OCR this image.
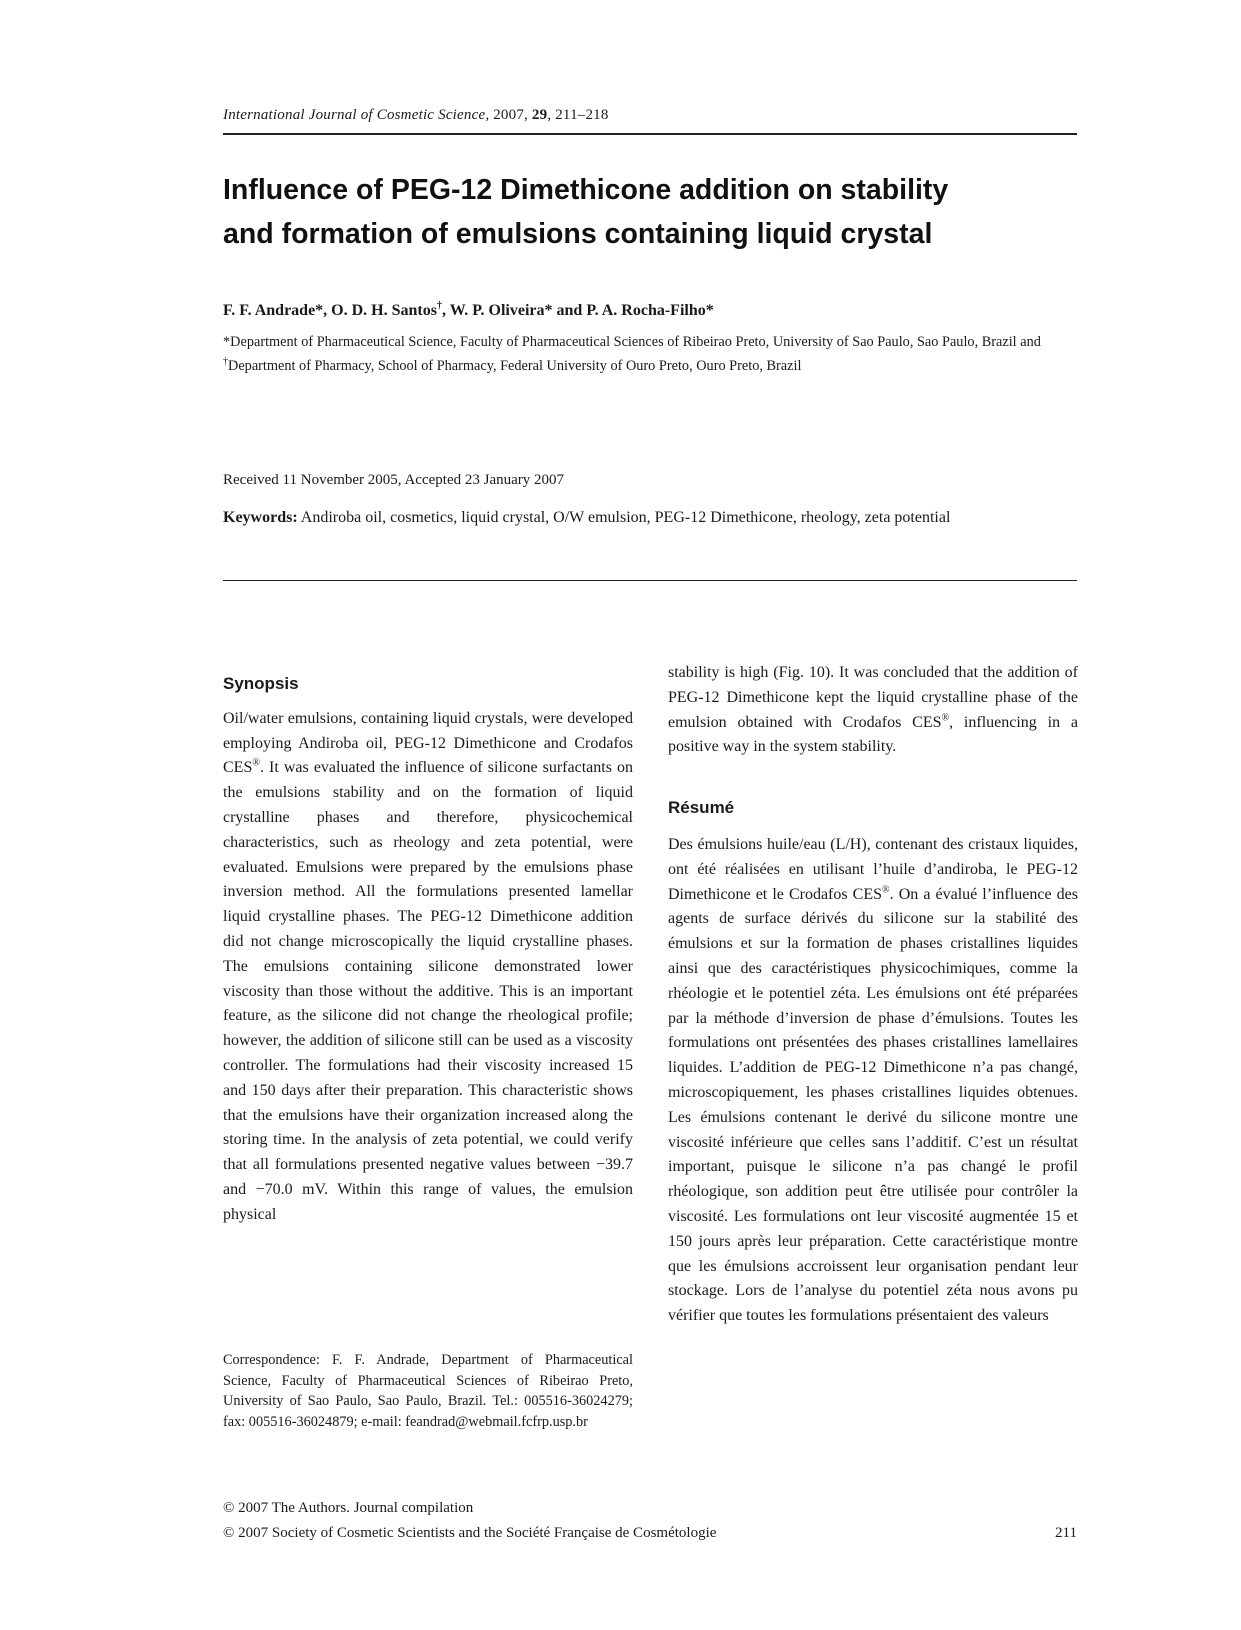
International Journal of Cosmetic Science, 2007, 29, 211–218
Influence of PEG-12 Dimethicone addition on stability
and formation of emulsions containing liquid crystal
F. F. Andrade*, O. D. H. Santos†, W. P. Oliveira* and P. A. Rocha-Filho*
*Department of Pharmaceutical Science, Faculty of Pharmaceutical Sciences of Ribeirao Preto, University of Sao Paulo, Sao Paulo, Brazil and †Department of Pharmacy, School of Pharmacy, Federal University of Ouro Preto, Ouro Preto, Brazil
Received 11 November 2005, Accepted 23 January 2007
Keywords: Andiroba oil, cosmetics, liquid crystal, O/W emulsion, PEG-12 Dimethicone, rheology, zeta potential
Synopsis

Oil/water emulsions, containing liquid crystals, were developed employing Andiroba oil, PEG-12 Dimethicone and Crodafos CES®. It was evaluated the influence of silicone surfactants on the emulsions stability and on the formation of liquid crystalline phases and therefore, physicochemical characteristics, such as rheology and zeta potential, were evaluated. Emulsions were prepared by the emulsions phase inversion method. All the formulations presented lamellar liquid crystalline phases. The PEG-12 Dimethicone addition did not change microscopically the liquid crystalline phases. The emulsions containing silicone demonstrated lower viscosity than those without the additive. This is an important feature, as the silicone did not change the rheological profile; however, the addition of silicone still can be used as a viscosity controller. The formulations had their viscosity increased 15 and 150 days after their preparation. This characteristic shows that the emulsions have their organization increased along the storing time. In the analysis of zeta potential, we could verify that all formulations presented negative values between −39.7 and −70.0 mV. Within this range of values, the emulsion physical

Correspondence: F. F. Andrade, Department of Pharmaceutical Science, Faculty of Pharmaceutical Sciences of Ribeirao Preto, University of Sao Paulo, Sao Paulo, Brazil. Tel.: 005516-36024279; fax: 005516-36024879; e-mail: feandrad@webmail.fcfrp.usp.br

stability is high (Fig. 10). It was concluded that the addition of PEG-12 Dimethicone kept the liquid crystalline phase of the emulsion obtained with Crodafos CES®, influencing in a positive way in the system stability.

Résumé

Des émulsions huile/eau (L/H), contenant des cristaux liquides, ont été réalisées en utilisant l’huile d’andiroba, le PEG-12 Dimethicone et le Crodafos CES®. On a évalué l’influence des agents de surface dérivés du silicone sur la stabilité des émulsions et sur la formation de phases cristallines liquides ainsi que des caractéristiques physicochimiques, comme la rhéologie et le potentiel zéta. Les émulsions ont été préparées par la méthode d’inversion de phase d’émulsions. Toutes les formulations ont présentées des phases cristallines lamellaires liquides. L’addition de PEG-12 Dimethicone n’a pas changé, microscopiquement, les phases cristallines liquides obtenues. Les émulsions contenant le derivé du silicone montre une viscosité inférieure que celles sans l’additif. C’est un résultat important, puisque le silicone n’a pas changé le profil rhéologique, son addition peut être utilisée pour contrôler la viscosité. Les formulations ont leur viscosité augmentée 15 et 150 jours après leur préparation. Cette caractéristique montre que les émulsions accroissent leur organisation pendant leur stockage. Lors de l’analyse du potentiel zéta nous avons pu vérifier que toutes les formulations présentaient des valeurs

© 2007 The Authors. Journal compilation
© 2007 Society of Cosmetic Scientists and the Société Française de Cosmétologie	211
